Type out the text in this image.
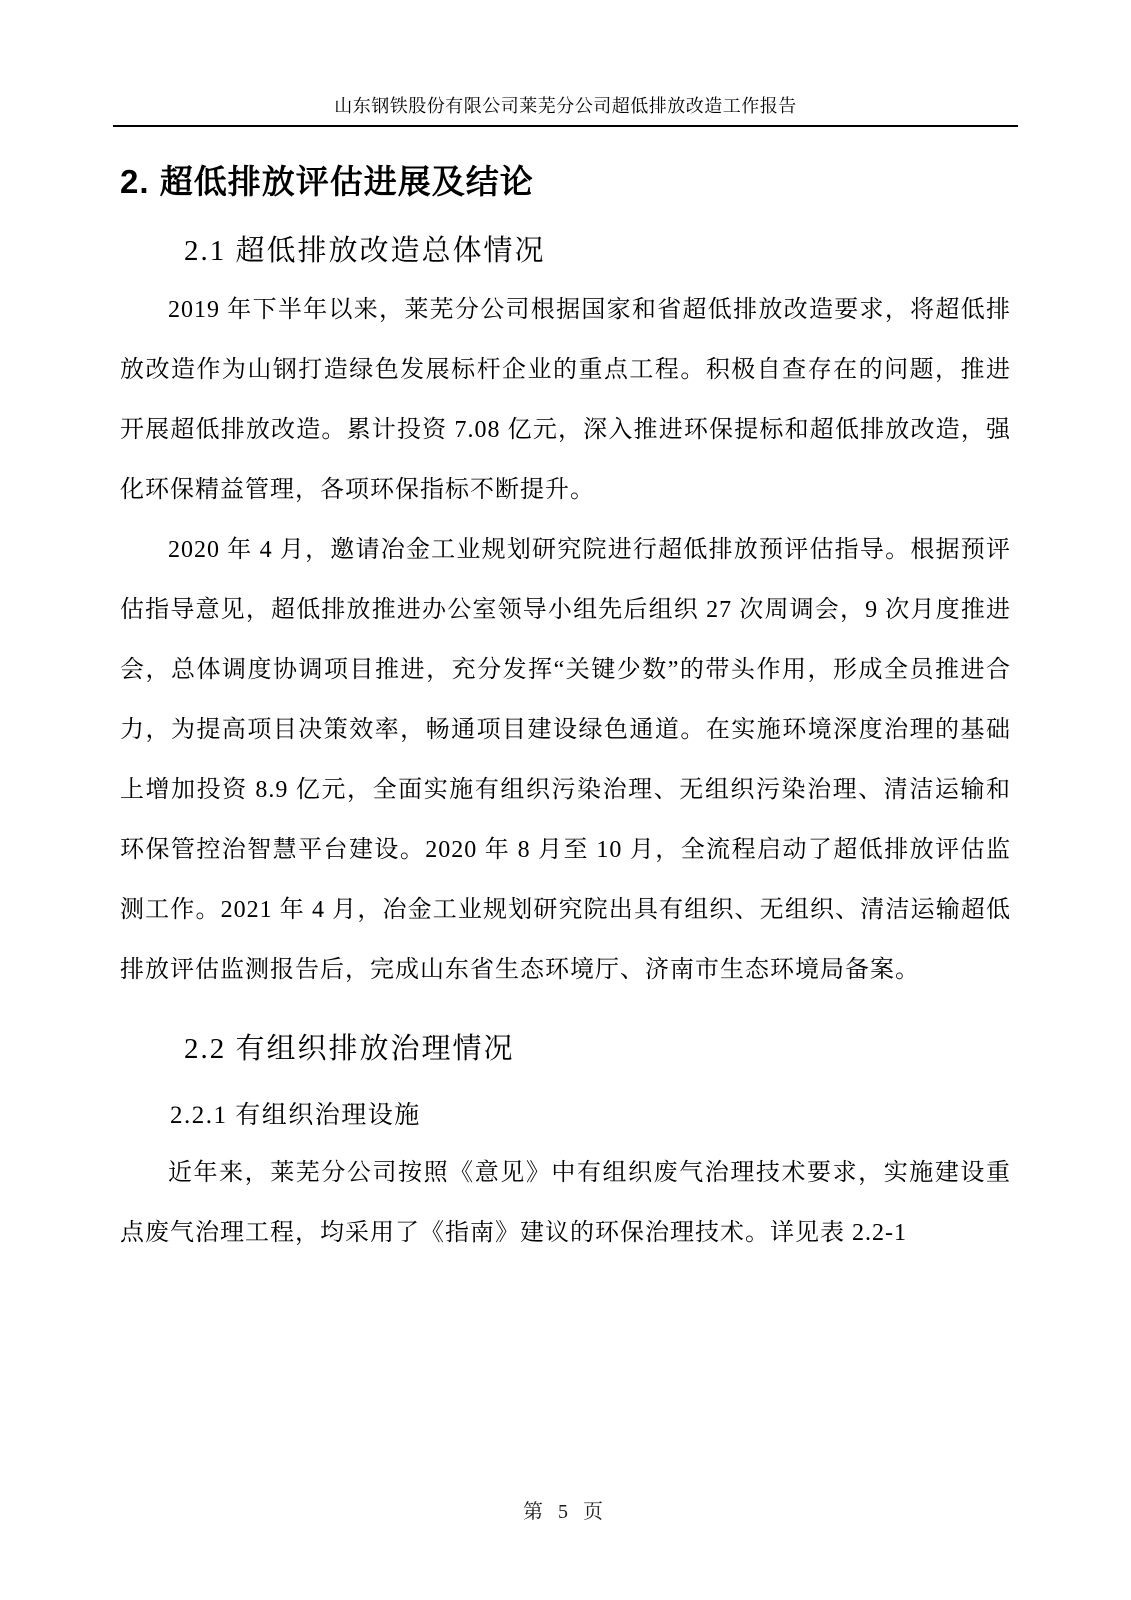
山东钢铁股份有限公司莱芜分公司超低排放改造工作报告
2. 超低排放评估进展及结论
2.1 超低排放改造总体情况

2019 年下半年以来，莱芜分公司根据国家和省超低排放改造要求，将超低排放改造作为山钢打造绿色发展标杆企业的重点工程。积极自查存在的问题，推进开展超低排放改造。累计投资 7.08 亿元，深入推进环保提标和超低排放改造，强化环保精益管理，各项环保指标不断提升。

2020 年 4 月，邀请冶金工业规划研究院进行超低排放预评估指导。根据预评估指导意见，超低排放推进办公室领导小组先后组织 27 次周调会，9 次月度推进会，总体调度协调项目推进，充分发挥“关键少数”的带头作用，形成全员推进合力，为提高项目决策效率，畅通项目建设绿色通道。在实施环境深度治理的基础上增加投资 8.9 亿元，全面实施有组织污染治理、无组织污染治理、清洁运输和环保管控治智慧平台建设。2020 年 8 月至 10 月，全流程启动了超低排放评估监测工作。2021 年 4 月，冶金工业规划研究院出具有组织、无组织、清洁运输超低排放评估监测报告后，完成山东省生态环境厅、济南市生态环境局备案。

2.2 有组织排放治理情况
2.2.1 有组织治理设施

近年来，莱芜分公司按照《意见》中有组织废气治理技术要求，实施建设重点废气治理工程，均采用了《指南》建议的环保治理技术。详见表 2.2-1

第 5 页
